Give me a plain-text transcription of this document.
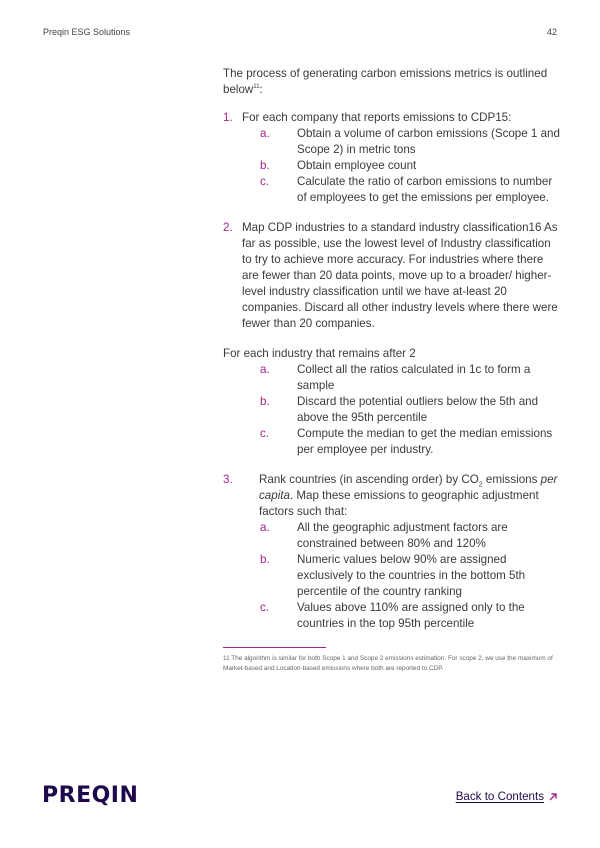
Preqin ESG Solutions	42

The process of generating carbon emissions metrics is outlined below$^{11}$:

1. For each company that reports emissions to CDP15:
a. Obtain a volume of carbon emissions (Scope 1 and Scope 2) in metric tons
b. Obtain employee count
c. Calculate the ratio of carbon emissions to number of employees to get the emissions per employee.
2. Map CDP industries to a standard industry classification16 As far as possible, use the lowest level of Industry classification to try to achieve more accuracy. For industries where there are fewer than 20 data points, move up to a broader/ higher-level industry classification until we have at-least 20 companies. Discard all other industry levels where there were fewer than 20 companies.
For each industry that remains after 2
a. Collect all the ratios calculated in 1c to form a sample
b. Discard the potential outliers below the 5th and above the 95th percentile
c. Compute the median to get the median emissions per employee per industry.
3. Rank countries (in ascending order) by $CO_2$ emissions per capita. Map these emissions to geographic adjustment factors such that:
a. All the geographic adjustment factors are constrained between 80% and 120%
b. Numeric values below 90% are assigned exclusively to the countries in the bottom 5th percentile of the country ranking
c. Values above 110% are assigned only to the countries in the top 95th percentile
11 The algorithm is similar for both Scope 1 and Scope 2 emissions estimation. For scope 2, we use the maximum of Market-based and Location-based emissions where both are reported to CDP.
PREQIN	Back to Contents
